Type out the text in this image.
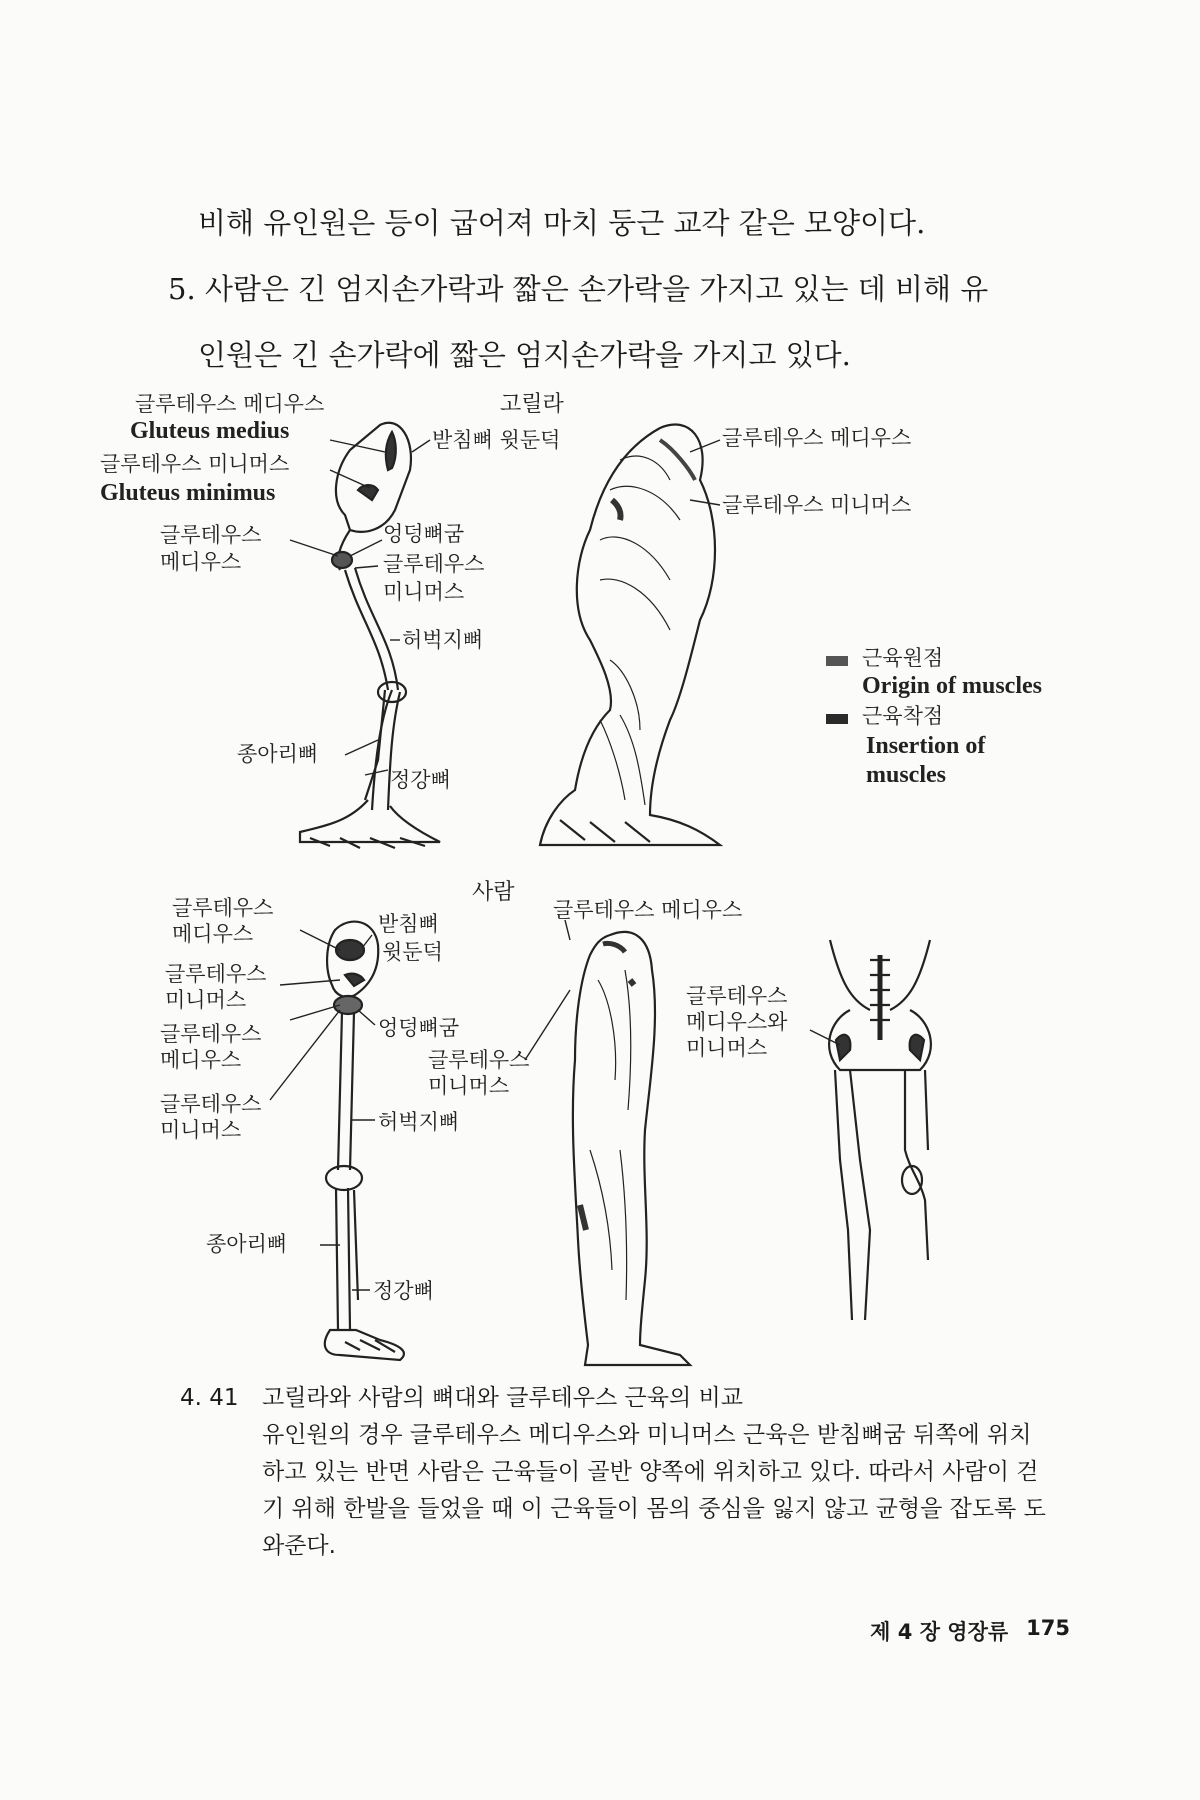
비해 유인원은 등이 굽어져 마치 둥근 교각 같은 모양이다.
5. 사람은 긴 엄지손가락과 짧은 손가락을 가지고 있는 데 비해 유
인원은 긴 손가락에 짧은 엄지손가락을 가지고 있다.
고릴라
글루테우스 메디우스
Gluteus medius
글루테우스 미니머스
Gluteus minimus
글루테우스
메디우스
받침뼈 윗둔덕
엉덩뼈굼
글루테우스
미니머스
허벅지뼈
종아리뼈
정강뼈
글루테우스 메디우스
글루테우스 미니머스
근육원점
Origin of muscles
근육착점
Insertion of
muscles
사람
글루테우스
메디우스
글루테우스
미니머스
글루테우스
메디우스
글루테우스
미니머스
받침뼈
윗둔덕
엉덩뼈굼
허벅지뼈
종아리뼈
정강뼈
글루테우스 메디우스
글루테우스
미니머스
글루테우스
메디우스와
미니머스
4. 41	고릴라와 사람의 뼈대와 글루테우스 근육의 비교
유인원의 경우 글루테우스 메디우스와 미니머스 근육은 받침뼈굼 뒤쪽에 위치하고 있는 반면 사람은 근육들이 골반 양쪽에 위치하고 있다. 따라서 사람이 걷기 위해 한발을 들었을 때 이 근육들이 몸의 중심을 잃지 않고 균형을 잡도록 도와준다.
제 4 장 영장류 175
